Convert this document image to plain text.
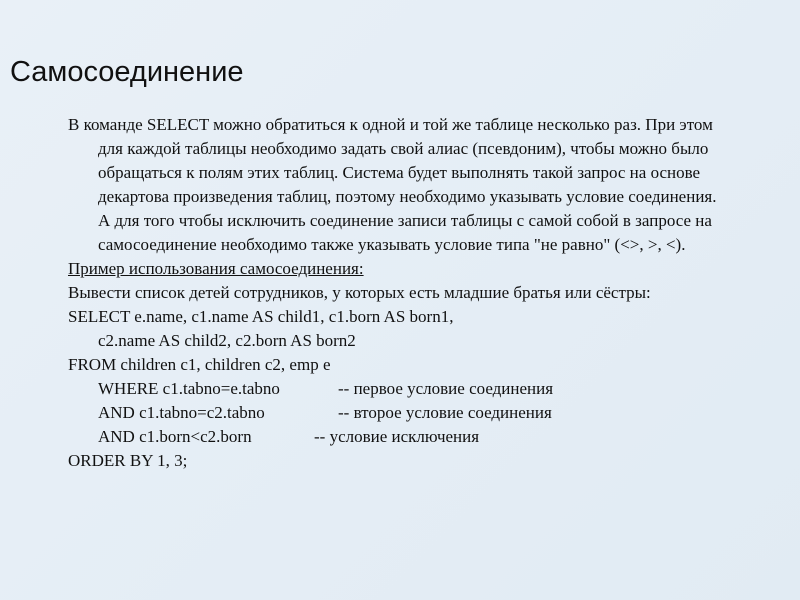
Самосоединение
В команде SELECT можно обратиться к одной и той же таблице несколько раз. При этом для каждой таблицы необходимо задать свой алиас (псевдоним), чтобы можно было обращаться к полям этих таблиц. Система будет выполнять такой запрос на основе декартова произведения таблиц, поэтому необходимо указывать условие соединения. А для того чтобы исключить соединение записи таблицы с самой собой в запросе на самосоединение необходимо также указывать условие типа "не равно" (<>, >, <).
Пример использования самосоединения:
Вывести список детей сотрудников, у которых есть младшие братья или сёстры:
SELECT e.name, c1.name AS child1, c1.born AS born1,
c2.name AS child2, c2.born AS born2
FROM children c1, children c2, emp e
WHERE c1.tabno=e.tabno	-- первое условие соединения
AND c1.tabno=c2.tabno	-- второе условие соединения
AND c1.born<c2.born	-- условие исключения
ORDER BY 1, 3;
